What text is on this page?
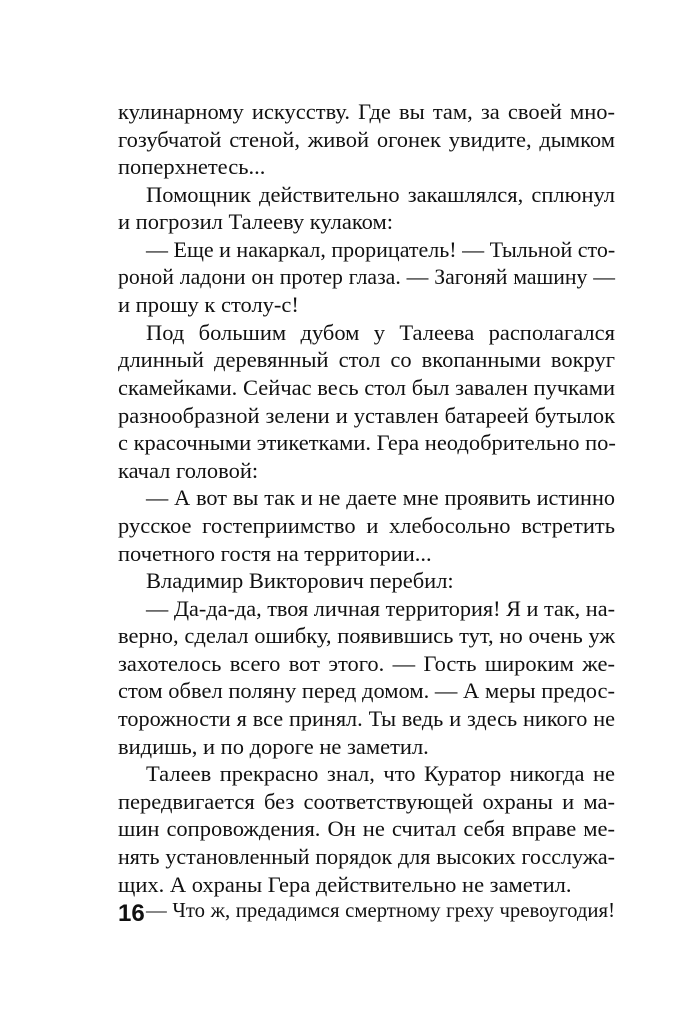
кулинарному искусству. Где вы там, за своей мно-
гозубчатой стеной, живой огонек увидите, дымком
поперхнетесь...
Помощник действительно закашлялся, сплюнул
и погрозил Талееву кулаком:
— Еще и накаркал, прорицатель! — Тыльной сто-
роной ладони он протер глаза. — Загоняй машину —
и прошу к столу-с!
Под большим дубом у Талеева располагался
длинный деревянный стол со вкопанными вокруг
скамейками. Сейчас весь стол был завален пучками
разнообразной зелени и уставлен батареей бутылок
с красочными этикетками. Гера неодобрительно по-
качал головой:
— А вот вы так и не даете мне проявить истинно
русское гостеприимство и хлебосольно встретить
почетного гостя на территории...
Владимир Викторович перебил:
— Да-да-да, твоя личная территория! Я и так, на-
верно, сделал ошибку, появившись тут, но очень уж
захотелось всего вот этого. — Гость широким же-
стом обвел поляну перед домом. — А меры предос-
торожности я все принял. Ты ведь и здесь никого не
видишь, и по дороге не заметил.
Талеев прекрасно знал, что Куратор никогда не
передвигается без соответствующей охраны и ма-
шин сопровождения. Он не считал себя вправе ме-
нять установленный порядок для высоких госслужа-
щих. А охраны Гера действительно не заметил.
— Что ж, предадимся смертному греху чревоугодия!
16
